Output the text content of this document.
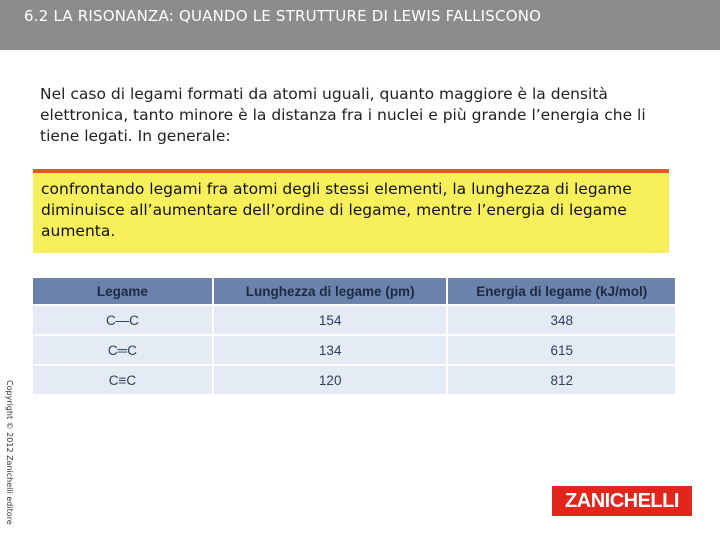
6.2 LA RISONANZA: QUANDO LE STRUTTURE DI LEWIS FALLISCONO
Nel caso di legami formati da atomi uguali, quanto maggiore è la densità elettronica, tanto minore è la distanza fra i nuclei e più grande l’energia che li tiene legati. In generale:
confrontando legami fra atomi degli stessi elementi, la lunghezza di legame diminuisce all’aumentare dell’ordine di legame, mentre l’energia di legame aumenta.
Legame	Lunghezza di legame (pm)	Energia di legame (kJ/mol)
C—C	154	348
C═C	134	615
C≡C	120	812
Copyright © 2012 Zanichelli editore	ZANICHELLI
